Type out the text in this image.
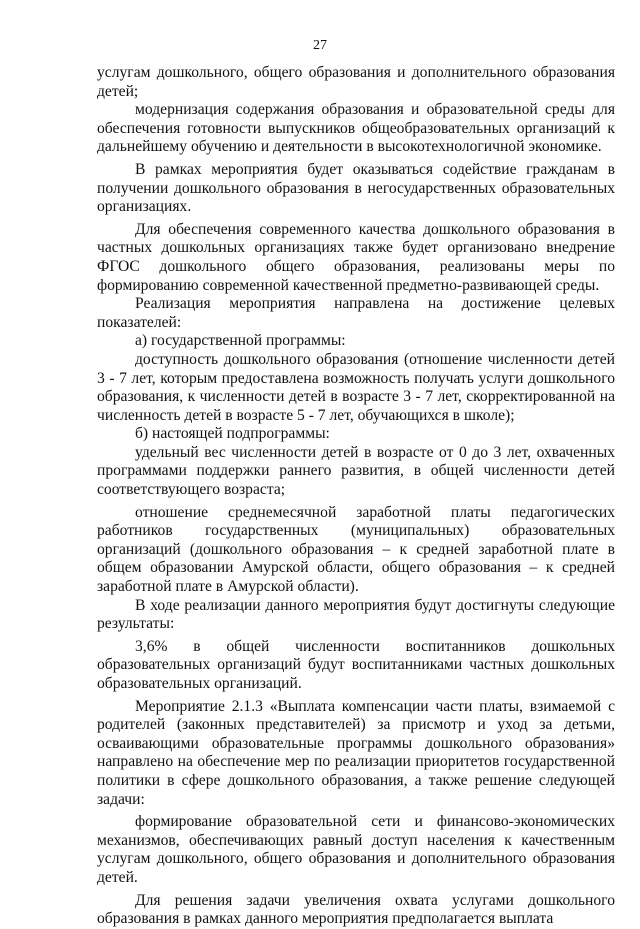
27

услугам дошкольного, общего образования и дополнительного образования детей;

модернизация содержания образования и образовательной среды для обеспечения готовности выпускников общеобразовательных организаций к дальнейшему обучению и деятельности в высокотехнологичной экономике.

В рамках мероприятия будет оказываться содействие гражданам в получении дошкольного образования в негосударственных образовательных организациях.

Для обеспечения современного качества дошкольного образования в частных дошкольных организациях также будет организовано внедрение ФГОС дошкольного общего образования, реализованы меры по формированию современной качественной предметно-развивающей среды.

Реализация мероприятия направлена на достижение целевых показателей:

а) государственной программы:

доступность дошкольного образования (отношение численности детей 3 - 7 лет, которым предоставлена возможность получать услуги дошкольного образования, к численности детей в возрасте 3 - 7 лет, скорректированной на численность детей в возрасте 5 - 7 лет, обучающихся в школе);

б) настоящей подпрограммы:

удельный вес численности детей в возрасте от 0 до 3 лет, охваченных программами поддержки раннего развития, в общей численности детей соответствующего возраста;

отношение среднемесячной заработной платы педагогических работников государственных (муниципальных) образовательных организаций (дошкольного образования – к средней заработной плате в общем образовании Амурской области, общего образования – к средней заработной плате в Амурской области).

В ходе реализации данного мероприятия будут достигнуты следующие результаты:

3,6% в общей численности воспитанников дошкольных образовательных организаций будут воспитанниками частных дошкольных образовательных организаций.

Мероприятие 2.1.3 «Выплата компенсации части платы, взимаемой с родителей (законных представителей) за присмотр и уход за детьми, осваивающими образовательные программы дошкольного образования» направлено на обеспечение мер по реализации приоритетов государственной политики в сфере дошкольного образования, а также решение следующей задачи:

формирование образовательной сети и финансово-экономических механизмов, обеспечивающих равный доступ населения к качественным услугам дошкольного, общего образования и дополнительного образования детей.

Для решения задачи увеличения охвата услугами дошкольного образования в рамках данного мероприятия предполагается выплата
